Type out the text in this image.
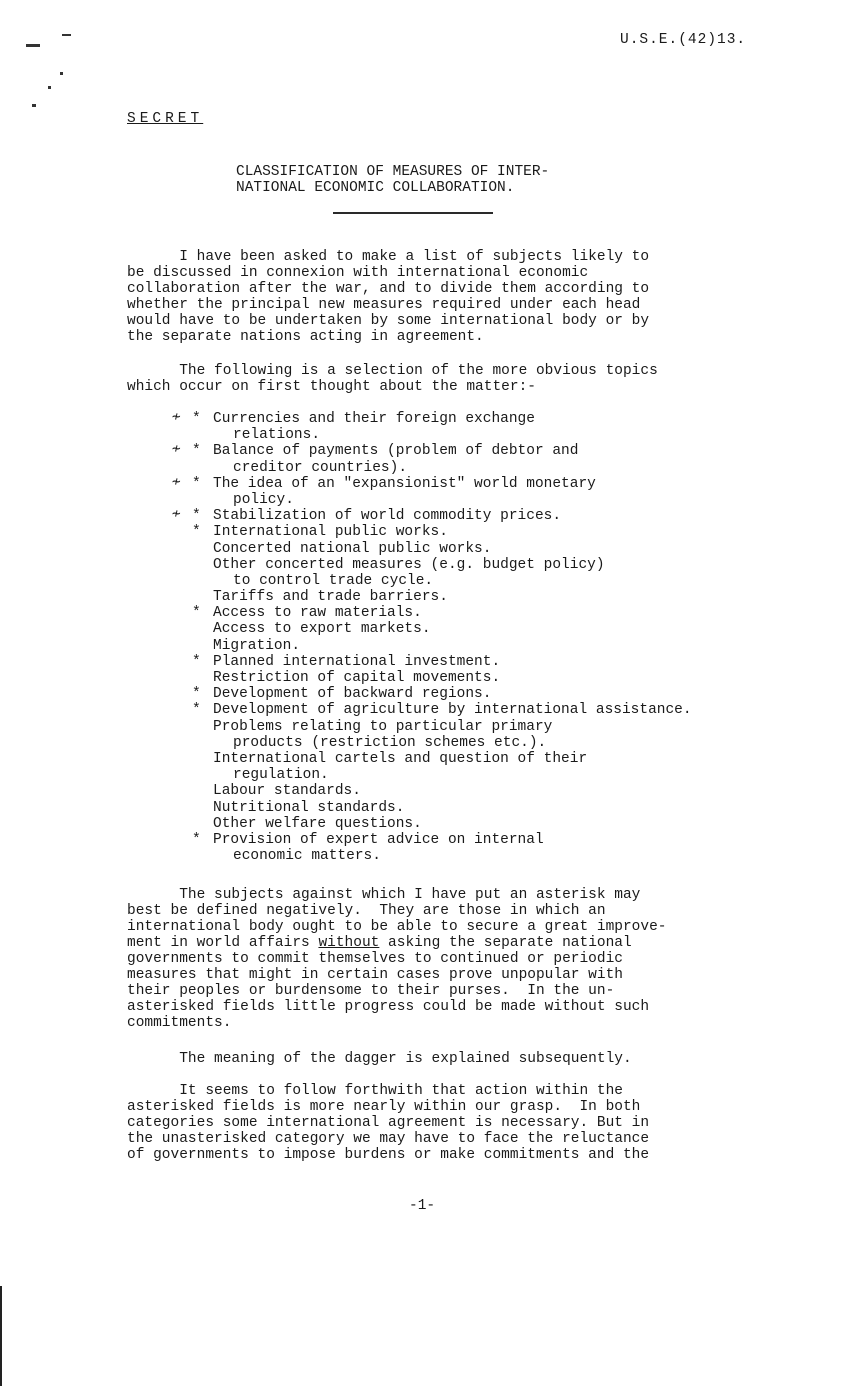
U.S.E.(42)13.
SECRET
CLASSIFICATION OF MEASURES OF INTER-
NATIONAL ECONOMIC COLLABORATION.
I have been asked to make a list of subjects likely to
be discussed in connexion with international economic
collaboration after the war, and to divide them according to
whether the principal new measures required under each head
would have to be undertaken by some international body or by
the separate nations acting in agreement.
The following is a selection of the more obvious topics
which occur on first thought about the matter:-
≁ * Currencies and their foreign exchange
relations.
≁ * Balance of payments (problem of debtor and
creditor countries).
≁ * The idea of an "expansionist" world monetary
policy.
≁ * Stabilization of world commodity prices.
* International public works.
Concerted national public works.
Other concerted measures (e.g. budget policy)
to control trade cycle.
Tariffs and trade barriers.
* Access to raw materials.
Access to export markets.
Migration.
* Planned international investment.
Restriction of capital movements.
* Development of backward regions.
* Development of agriculture by international assistance.
Problems relating to particular primary
products (restriction schemes etc.).
International cartels and question of their
regulation.
Labour standards.
Nutritional standards.
Other welfare questions.
* Provision of expert advice on internal
economic matters.
The subjects against which I have put an asterisk may
best be defined negatively.  They are those in which an
international body ought to be able to secure a great improve-
ment in world affairs without asking the separate national
governments to commit themselves to continued or periodic
measures that might in certain cases prove unpopular with
their peoples or burdensome to their purses.  In the un-
asterisked fields little progress could be made without such
commitments.
The meaning of the dagger is explained subsequently.
It seems to follow forthwith that action within the
asterisked fields is more nearly within our grasp.  In both
categories some international agreement is necessary. But in
the unasterisked category we may have to face the reluctance
of governments to impose burdens or make commitments and the
-1-
